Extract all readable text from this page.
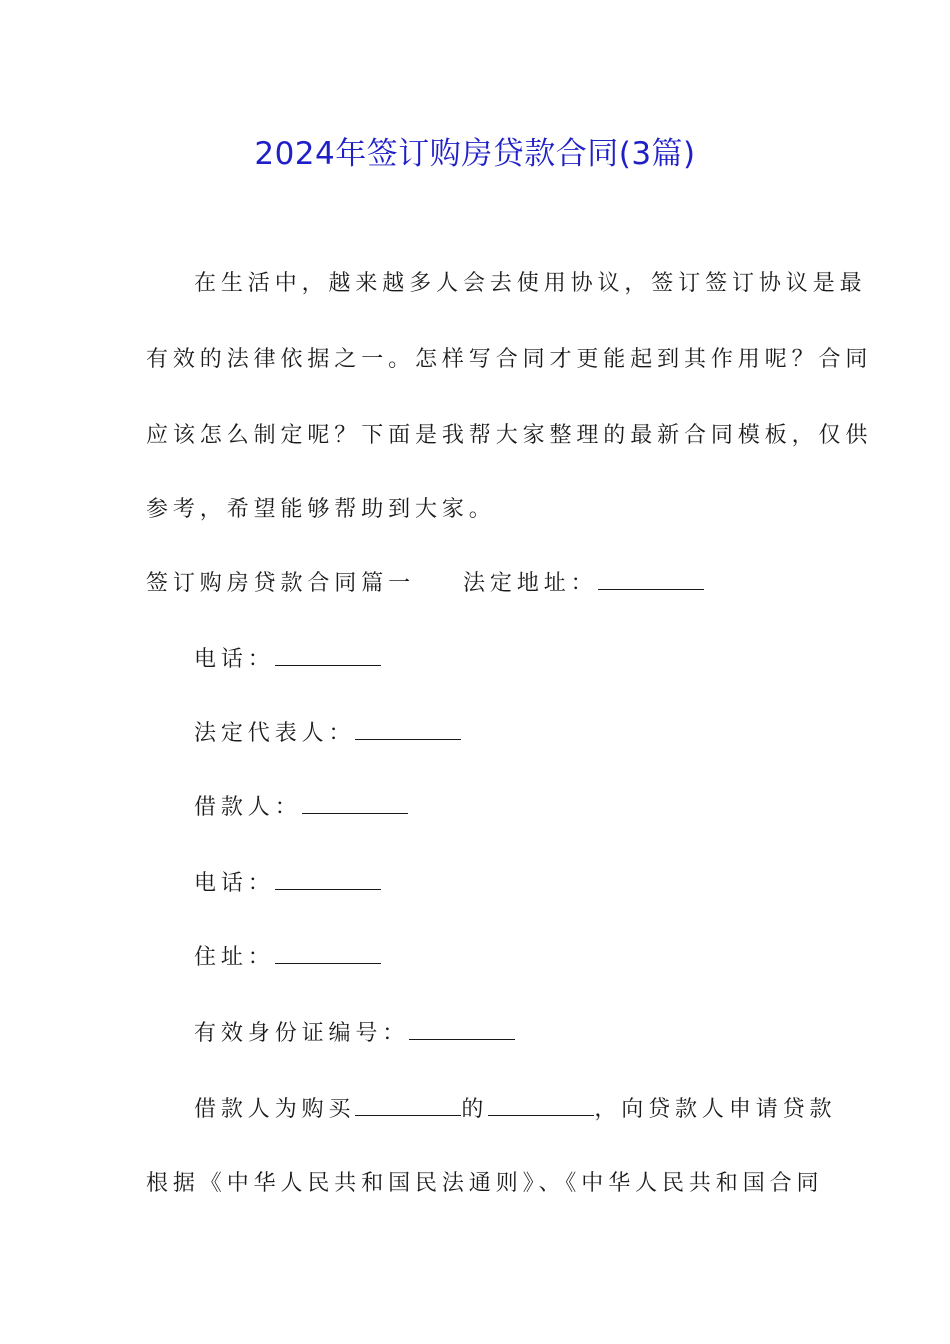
2024年签订购房贷款合同(3篇)
在生活中，越来越多人会去使用协议，签订签订协议是最
有效的法律依据之一。怎样写合同才更能起到其作用呢？合同
应该怎么制定呢？下面是我帮大家整理的最新合同模板，仅供
参考，希望能够帮助到大家。
签订购房贷款合同篇一 法定地址：
电话：
法定代表人：
借款人：
电话：
住址：
有效身份证编号：
借款人为购买	的	，向贷款人申请贷款
根据《中华人民共和国民法通则》、《中华人民共和国合同
